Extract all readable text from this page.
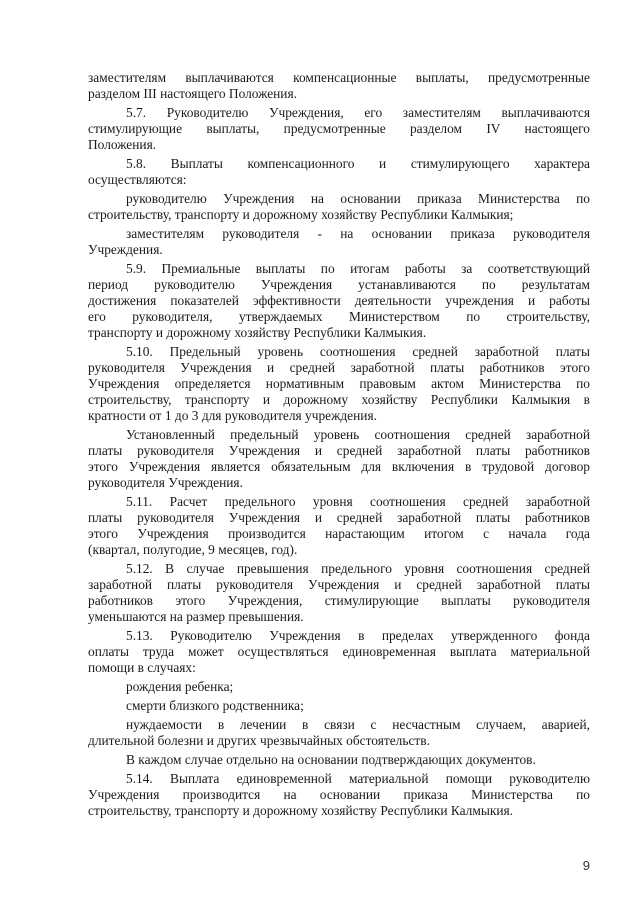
заместителям выплачиваются компенсационные выплаты, предусмотренные
разделом III настоящего Положения.
5.7. Руководителю Учреждения, его заместителям выплачиваются
стимулирующие выплаты, предусмотренные разделом IV настоящего
Положения.
5.8. Выплаты компенсационного и стимулирующего характера
осуществляются:
руководителю Учреждения на основании приказа Министерства по
строительству, транспорту и дорожному хозяйству Республики Калмыкия;
заместителям руководителя - на основании приказа руководителя
Учреждения.
5.9. Премиальные выплаты по итогам работы за соответствующий
период руководителю Учреждения устанавливаются по результатам
достижения показателей эффективности деятельности учреждения и работы
его руководителя, утверждаемых Министерством по строительству,
транспорту и дорожному хозяйству Республики Калмыкия.
5.10. Предельный уровень соотношения средней заработной платы
руководителя Учреждения и средней заработной платы работников этого
Учреждения определяется нормативным правовым актом Министерства по
строительству, транспорту и дорожному хозяйству Республики Калмыкия в
кратности от 1 до 3 для руководителя учреждения.
Установленный предельный уровень соотношения средней заработной
платы руководителя Учреждения и средней заработной платы работников
этого Учреждения является обязательным для включения в трудовой договор
руководителя Учреждения.
5.11. Расчет предельного уровня соотношения средней заработной
платы руководителя Учреждения и средней заработной платы работников
этого Учреждения производится нарастающим итогом с начала года
(квартал, полугодие, 9 месяцев, год).
5.12. В случае превышения предельного уровня соотношения средней
заработной платы руководителя Учреждения и средней заработной платы
работников этого Учреждения, стимулирующие выплаты руководителя
уменьшаются на размер превышения.
5.13. Руководителю Учреждения в пределах утвержденного фонда
оплаты труда может осуществляться единовременная выплата материальной
помощи в случаях:
рождения ребенка;
смерти близкого родственника;
нуждаемости в лечении в связи с несчастным случаем, аварией,
длительной болезни и других чрезвычайных обстоятельств.
В каждом случае отдельно на основании подтверждающих документов.
5.14. Выплата единовременной материальной помощи руководителю
Учреждения производится на основании приказа Министерства по
строительству, транспорту и дорожному хозяйству Республики Калмыкия.
9
